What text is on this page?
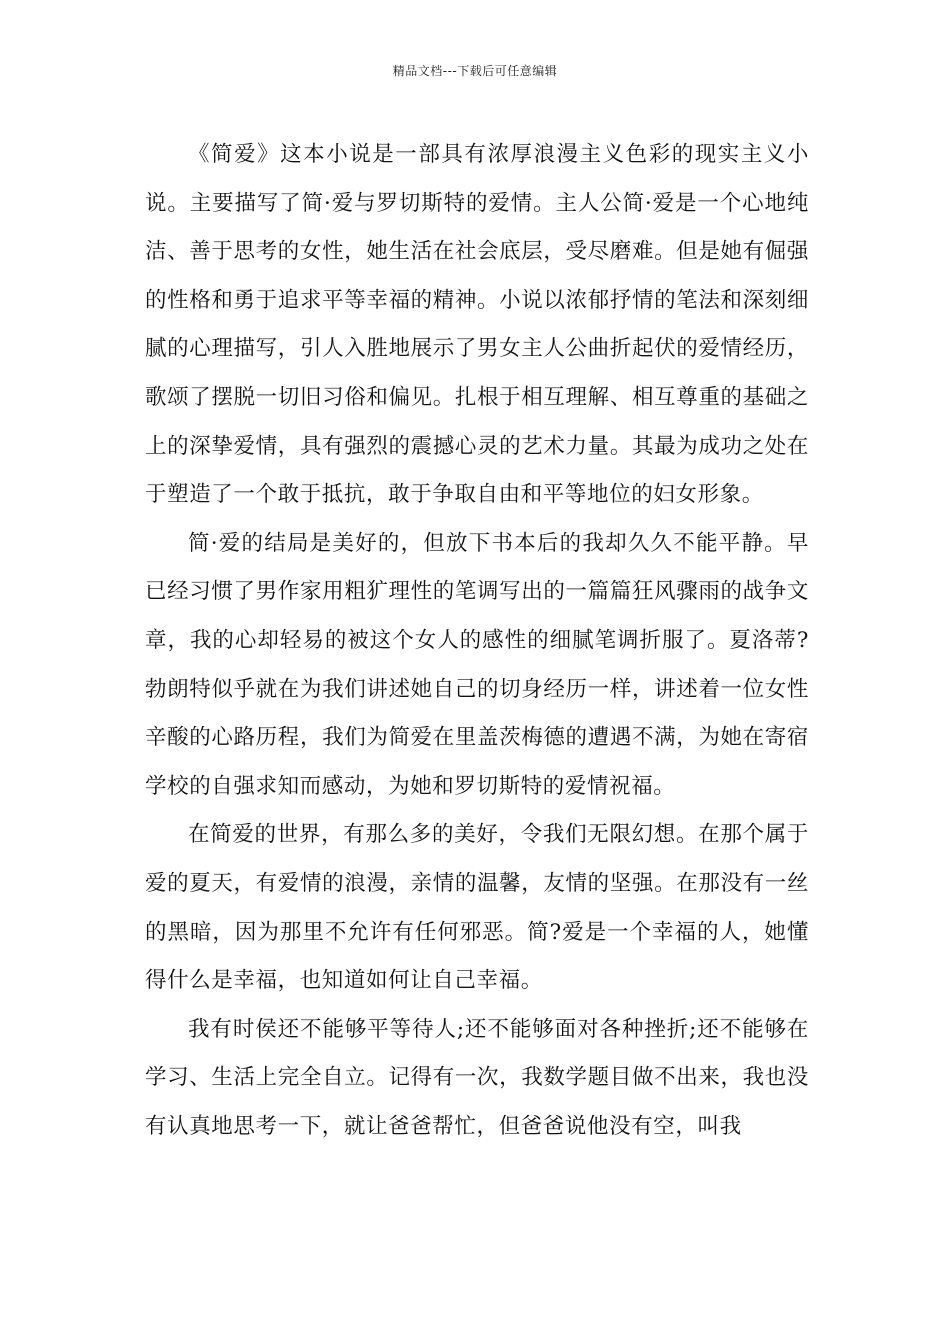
精品文档---下载后可任意编辑

《简爱》这本小说是一部具有浓厚浪漫主义色彩的现实主义小说。主要描写了简·爱与罗切斯特的爱情。主人公简·爱是一个心地纯洁、善于思考的女性，她生活在社会底层，受尽磨难。但是她有倔强的性格和勇于追求平等幸福的精神。小说以浓郁抒情的笔法和深刻细腻的心理描写，引人入胜地展示了男女主人公曲折起伏的爱情经历，歌颂了摆脱一切旧习俗和偏见。扎根于相互理解、相互尊重的基础之上的深挚爱情，具有强烈的震撼心灵的艺术力量。其最为成功之处在于塑造了一个敢于抵抗，敢于争取自由和平等地位的妇女形象。

简·爱的结局是美好的，但放下书本后的我却久久不能平静。早已经习惯了男作家用粗犷理性的笔调写出的一篇篇狂风骤雨的战争文章，我的心却轻易的被这个女人的感性的细腻笔调折服了。夏洛蒂?勃朗特似乎就在为我们讲述她自己的切身经历一样，讲述着一位女性辛酸的心路历程，我们为简爱在里盖茨梅德的遭遇不满，为她在寄宿学校的自强求知而感动，为她和罗切斯特的爱情祝福。

在简爱的世界，有那么多的美好，令我们无限幻想。在那个属于爱的夏天，有爱情的浪漫，亲情的温馨，友情的坚强。在那没有一丝的黑暗，因为那里不允许有任何邪恶。简?爱是一个幸福的人，她懂得什么是幸福，也知道如何让自己幸福。

我有时侯还不能够平等待人;还不能够面对各种挫折;还不能够在学习、生活上完全自立。记得有一次，我数学题目做不出来，我也没有认真地思考一下，就让爸爸帮忙，但爸爸说他没有空，叫我
